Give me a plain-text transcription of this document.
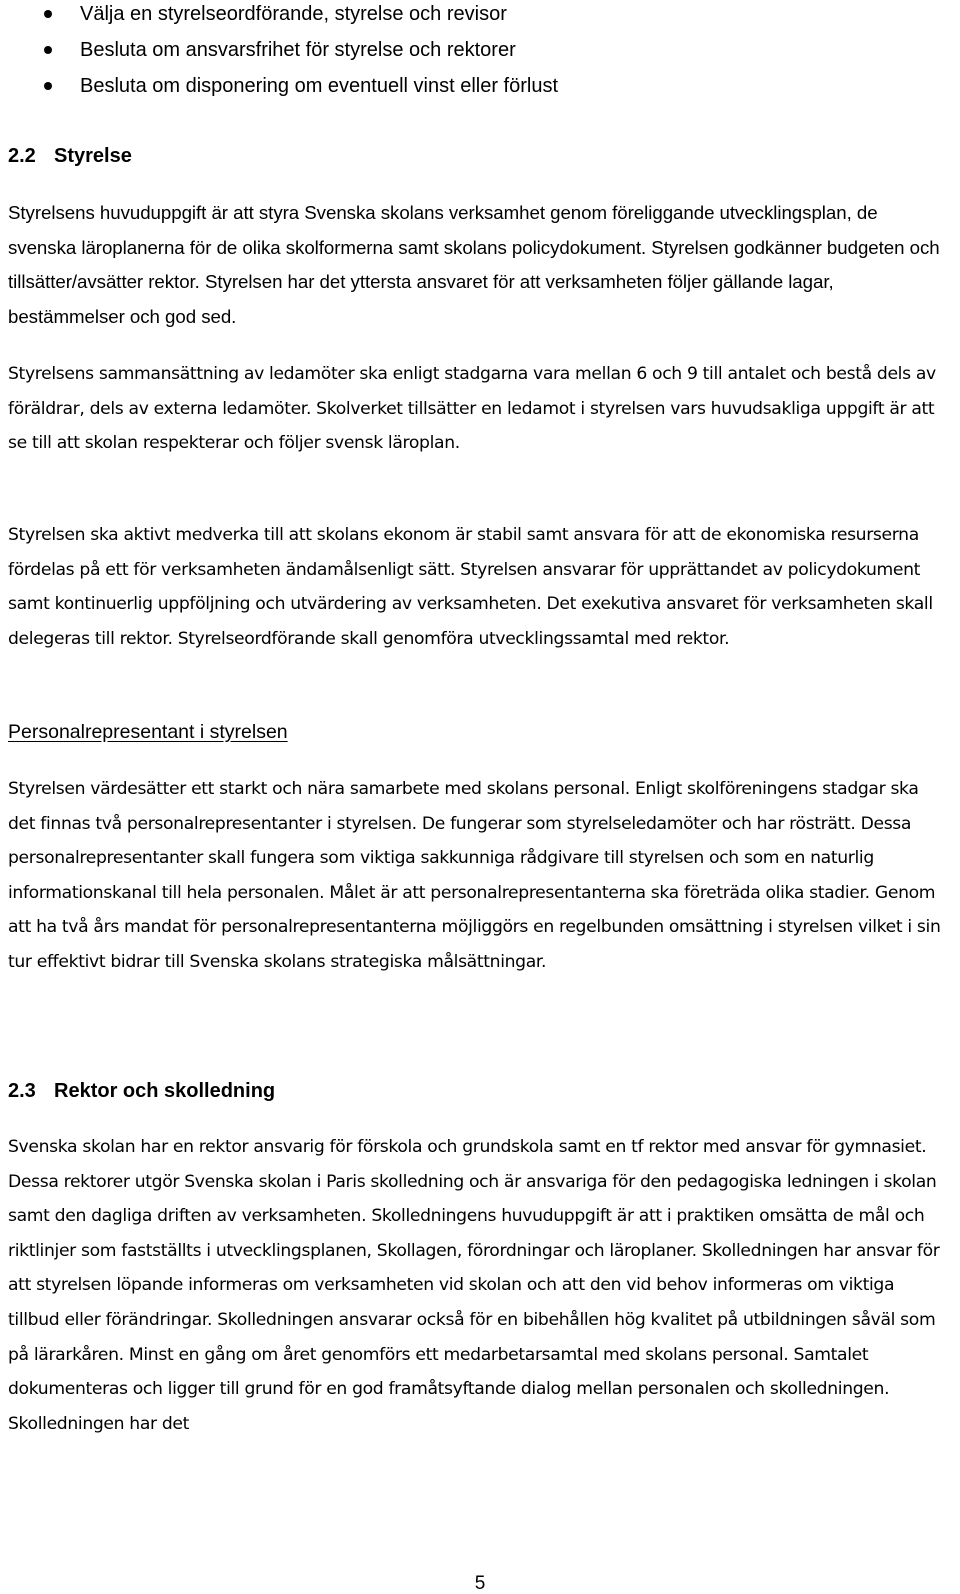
Välja en styrelseordförande, styrelse och revisor
Besluta om ansvarsfrihet för styrelse och rektorer
Besluta om disponering om eventuell vinst eller förlust
2.2 Styrelse

Styrelsens huvuduppgift är att styra Svenska skolans verksamhet genom föreliggande utvecklingsplan, de svenska läroplanerna för de olika skolformerna samt skolans policydokument. Styrelsen godkänner budgeten och tillsätter/avsätter rektor. Styrelsen har det yttersta ansvaret för att verksamheten följer gällande lagar, bestämmelser och god sed.

Styrelsens sammansättning av ledamöter ska enligt stadgarna vara mellan 6 och 9 till antalet och bestå dels av föräldrar, dels av externa ledamöter. Skolverket tillsätter en ledamot i styrelsen vars huvudsakliga uppgift är att se till att skolan respekterar och följer svensk läroplan.

Styrelsen ska aktivt medverka till att skolans ekonom är stabil samt ansvara för att de ekonomiska resurserna fördelas på ett för verksamheten ändamålsenligt sätt. Styrelsen ansvarar för upprättandet av policydokument samt kontinuerlig uppföljning och utvärdering av verksamheten. Det exekutiva ansvaret för verksamheten skall delegeras till rektor. Styrelseordförande skall genomföra utvecklingssamtal med rektor.

Personalrepresentant i styrelsen

Styrelsen värdesätter ett starkt och nära samarbete med skolans personal. Enligt skolföreningens stadgar ska det finnas två personalrepresentanter i styrelsen. De fungerar som styrelseledamöter och har rösträtt. Dessa personalrepresentanter skall fungera som viktiga sakkunniga rådgivare till styrelsen och som en naturlig informationskanal till hela personalen. Målet är att personalrepresentanterna ska företräda olika stadier. Genom att ha två års mandat för personalrepresentanterna möjliggörs en regelbunden omsättning i styrelsen vilket i sin tur effektivt bidrar till Svenska skolans strategiska målsättningar.

2.3 Rektor och skolledning

Svenska skolan har en rektor ansvarig för förskola och grundskola samt en tf rektor med ansvar för gymnasiet. Dessa rektorer utgör Svenska skolan i Paris skolledning och är ansvariga för den pedagogiska ledningen i skolan samt den dagliga driften av verksamheten. Skolledningens huvuduppgift är att i praktiken omsätta de mål och riktlinjer som fastställts i utvecklingsplanen, Skollagen, förordningar och läroplaner. Skolledningen har ansvar för att styrelsen löpande informeras om verksamheten vid skolan och att den vid behov informeras om viktiga tillbud eller förändringar. Skolledningen ansvarar också för en bibehållen hög kvalitet på utbildningen såväl som på lärarkåren. Minst en gång om året genomförs ett medarbetarsamtal med skolans personal. Samtalet dokumenteras och ligger till grund för en god framåtsyftande dialog mellan personalen och skolledningen. Skolledningen har det

5
